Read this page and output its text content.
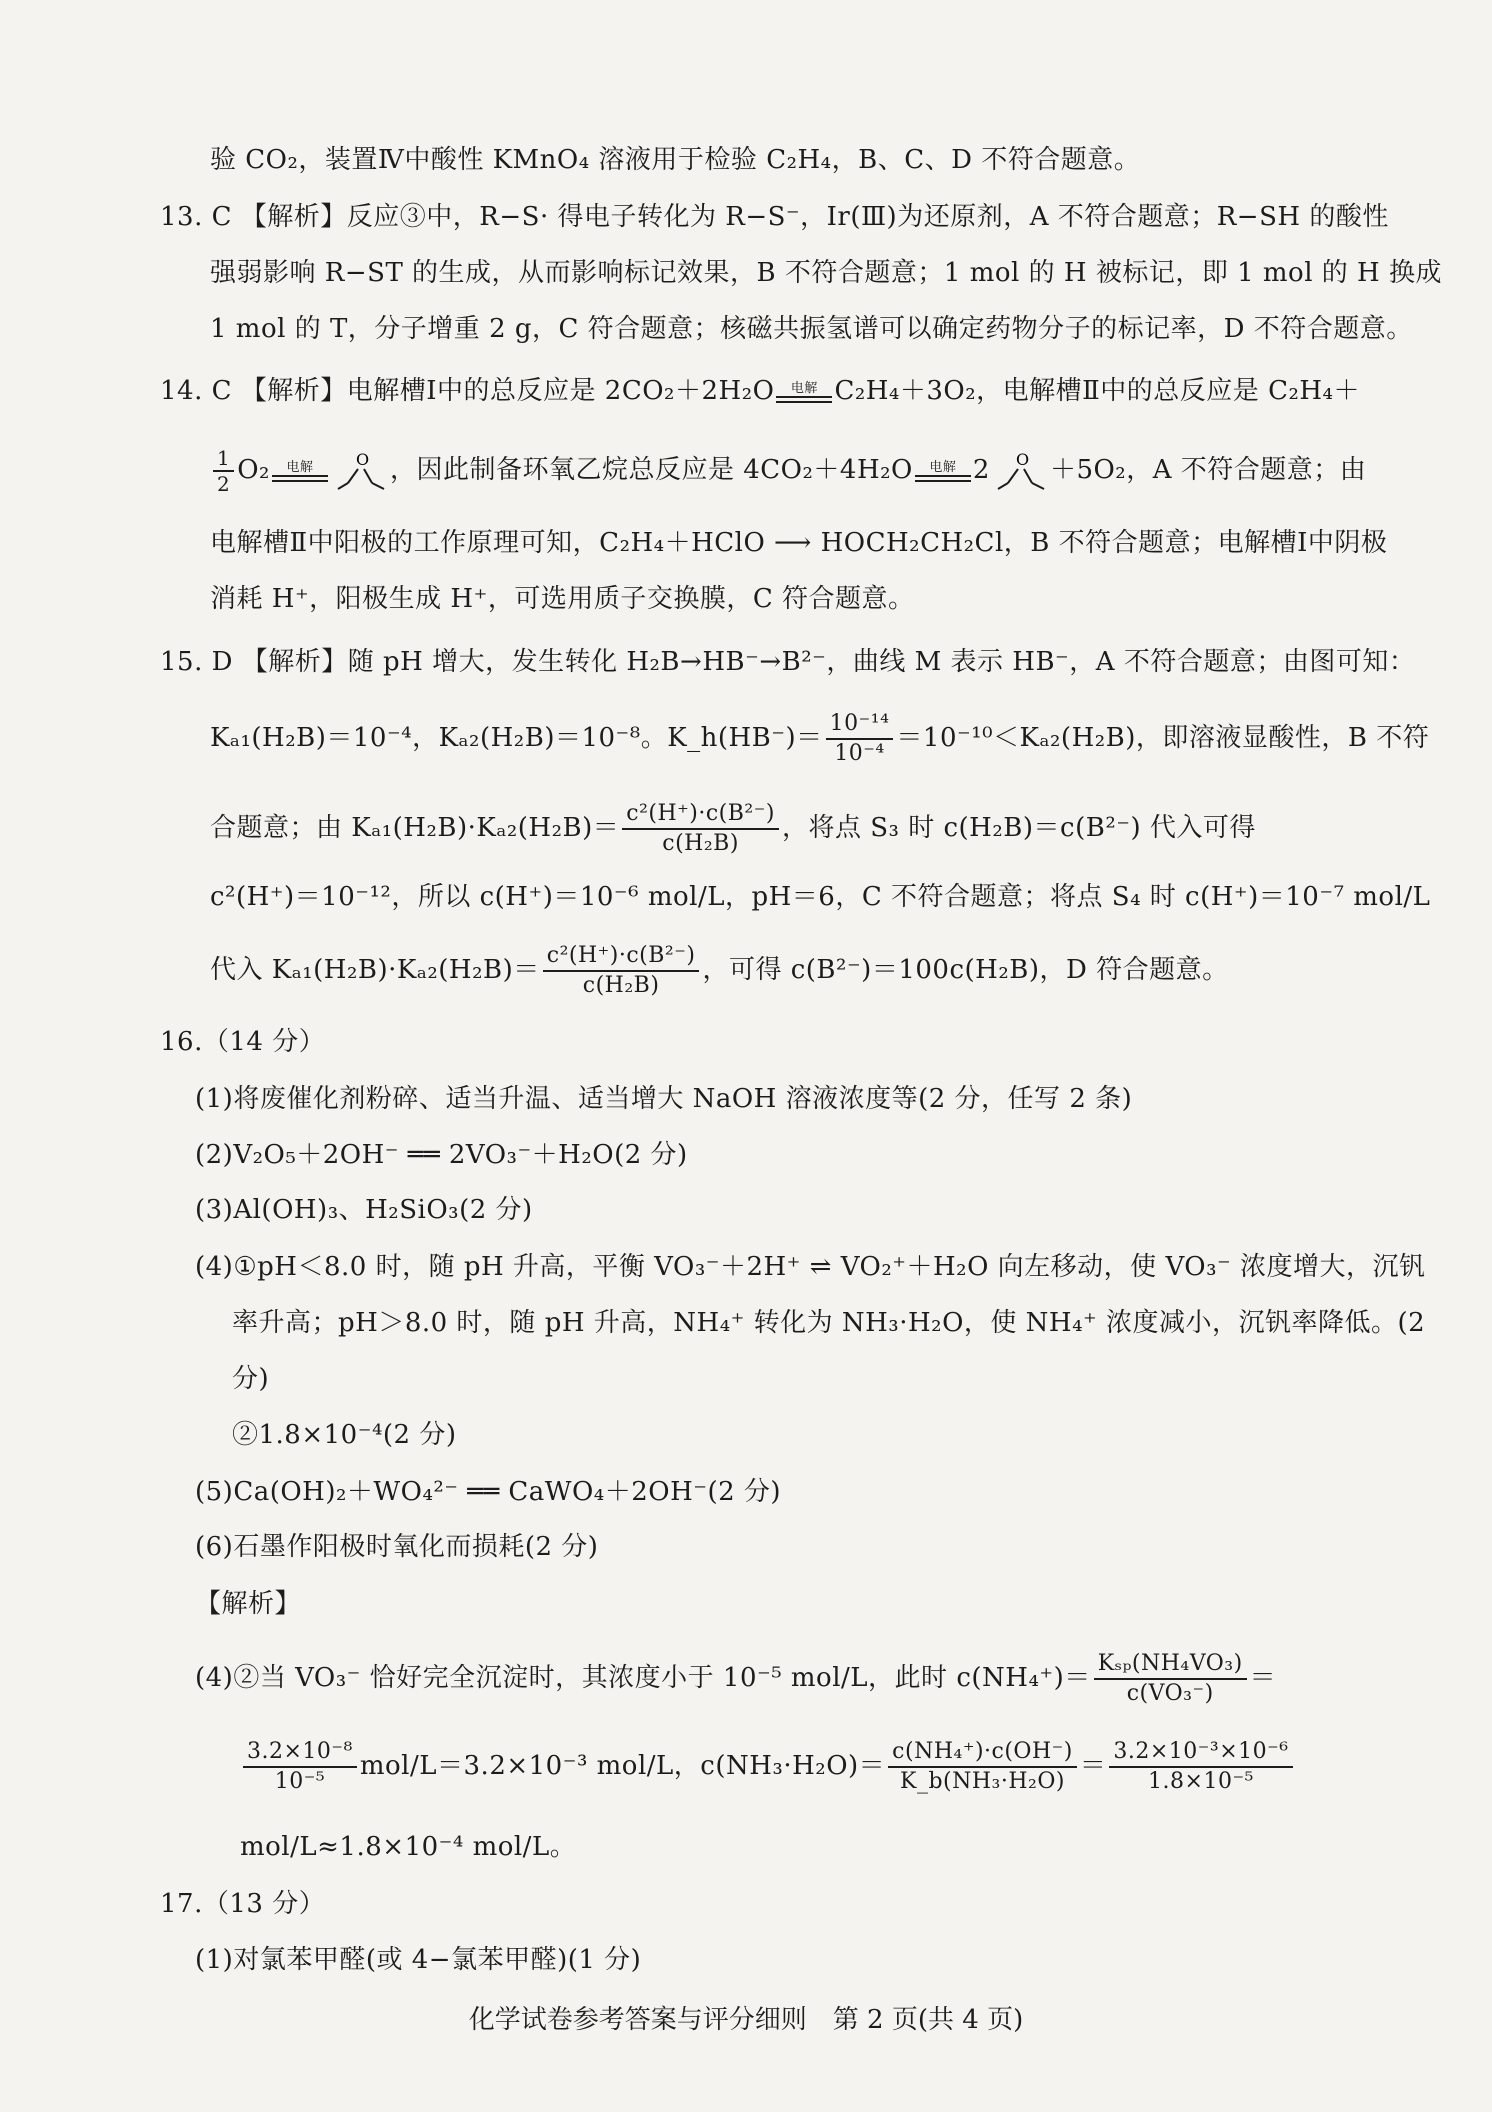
验 CO₂，装置Ⅳ中酸性 KMnO₄ 溶液用于检验 C₂H₄，B、C、D 不符合题意。
13. C 【解析】反应③中，R−S· 得电子转化为 R−S⁻，Ir(Ⅲ)为还原剂，A 不符合题意；R−SH 的酸性
强弱影响 R−ST 的生成，从而影响标记效果，B 不符合题意；1 mol 的 H 被标记，即 1 mol 的 H 换成
1 mol 的 T，分子增重 2 g，C 符合题意；核磁共振氢谱可以确定药物分子的标记率，D 不符合题意。
14. C 【解析】电解槽Ⅰ中的总反应是 2CO₂＋2H₂O	电解 C₂H₄＋3O₂，电解槽Ⅱ中的总反应是 C₂H₄＋
$\frac{1}{2} O_2$	电解	O ，因此制备环氧乙烷总反应是 4CO₂＋4H₂O	电解 2 O ＋5O₂，A 不符合题意；由
电解槽Ⅱ中阳极的工作原理可知，C₂H₄＋HClO ⟶ HOCH₂CH₂Cl，B 不符合题意；电解槽Ⅰ中阴极
消耗 H⁺，阳极生成 H⁺，可选用质子交换膜，C 符合题意。
15. D 【解析】随 pH 增大，发生转化 H₂B→HB⁻→B²⁻，曲线 M 表示 HB⁻，A 不符合题意；由图可知：
Kₐ₁(H₂B)＝10⁻⁴，Kₐ₂(H₂B)＝10⁻⁸。K_h(HB⁻)＝ $\frac{\text{10⁻¹⁴}}{\text{10⁻⁴}} =10^{-10}<K_{a2}(H_2B)$，即溶液显酸性，B 不符
合题意；由 $K_{a1}(H_2B)\cdot K_{a2}(H_2B)= \frac{\text{c²(H⁺)·c(B²⁻)}}{\text{c(H₂B)}}$ ，将点 S₃ 时 c(H₂B)＝c(B²⁻) 代入可得
c²(H⁺)＝10⁻¹²，所以 c(H⁺)＝10⁻⁶ mol/L，pH＝6，C 不符合题意；将点 S₄ 时 c(H⁺)＝10⁻⁷ mol/L
代入 $K_{a1}(H_2B)\cdot K_{a2}(H_2B)= \frac{\text{c²(H⁺)·c(B²⁻)}}{\text{c(H₂B)}}$ ，可得 c(B²⁻)＝100c(H₂B)，D 符合题意。
16.（14 分）
(1)将废催化剂粉碎、适当升温、适当增大 NaOH 溶液浓度等(2 分，任写 2 条)
(2)V₂O₅＋2OH⁻ ══ 2VO₃⁻＋H₂O(2 分)
(3)Al(OH)₃、H₂SiO₃(2 分)
(4)①pH＜8.0 时，随 pH 升高，平衡 VO₃⁻＋2H⁺ ⇌ VO₂⁺＋H₂O 向左移动，使 VO₃⁻ 浓度增大，沉钒
率升高；pH＞8.0 时，随 pH 升高，NH₄⁺ 转化为 NH₃·H₂O，使 NH₄⁺ 浓度减小，沉钒率降低。(2
分)
②1.8×10⁻⁴(2 分)
(5)Ca(OH)₂＋WO₄²⁻ ══ CaWO₄＋2OH⁻(2 分)
(6)石墨作阳极时氧化而损耗(2 分)
【解析】
(4)②当 VO₃⁻ 恰好完全沉淀时，其浓度小于 10⁻⁵ mol/L，此时 $c(NH_4^+)= \frac{\text{Kₛₚ(NH₄VO₃)}}{\text{c(VO₃⁻)}}$ ＝
$\frac{\text{3.2×10⁻⁸}}{\text{10⁻⁵}} mol/L=3.2\times 10^{-3}$ mol/L，$c(NH_3\cdot H_2O)= \frac{\text{c(NH₄⁺)·c(OH⁻)}}{\text{K\_b(NH₃·H₂O)}} = \frac{\text{3.2×10⁻³×10⁻⁶}}{\text{1.8×10⁻⁵}}$
mol/L≈1.8×10⁻⁴ mol/L。
17.（13 分）
(1)对氯苯甲醛(或 4−氯苯甲醛)(1 分)
化学试卷参考答案与评分细则　第 2 页(共 4 页)
